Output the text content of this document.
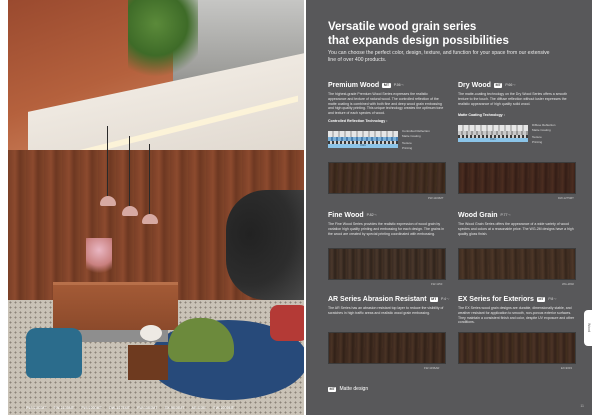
PW-1103MT PW-1103MT FW-1000MT DW-1275MT FW-1100MT EX-9000MT AR-1000 FW-1000MT
Versatile wood grain series
that expands design possibilities
You can choose the perfect color, design, texture, and function for your space from our extensive line of over 400 products.
Premium Wood	MT	P.56〜

The highest-grade Premium Wood Series expresses the realistic appearance and texture of natural wood. The controlled reflection of the matte coating is combined with both fine and deep wood grain embossing and high quality printing. This unique technology creates the optimum tone and texture of each species of wood.

Controlled Reflection Technology :
Film
Controlled Reflection
Matte Coating
Texture
Printing
PW-1103MT
Dry Wood	MT	P.66〜

The matte-coating technology on the Dry Wood Series offers a smooth texture to the touch. The diffuse reflection without luster expresses the realistic appearance of high quality solid wood.

Matte Coating Technology :
Film
Diffuse Reflection
Matte Coating
Texture
Printing
DW-1275MT
Fine Wood P.82〜

The Fine Wood Series provides the realistic expression of wood grain by variation high quality printing and embossing for each design. The grains in the wood are created by special printing coordinated with embossing.

FW-1150
Wood Grain P.77〜

The Wood Grain Series offers the appearance of a wide variety of wood species and colors at a reasonable price. The WG-2M designs have a high quality gloss finish.

WG-2802
AR Series Abrasion Resistant	MT	P.4〜

The AR Series has an abrasion resistant top layer to reduce the visibility of scratches in high traffic areas and realistic wood grain embossing.

FW-1036AR
EX Series for Exteriors	MT	P.8〜

The EX Series wood grain designs are durable, dimensionally stable, and weather resistant for application to smooth, non-porous exterior surfaces. They maintain a consistent finish and color, despite UV exposure and other conditions.

EX-9003
MT Matte design
11
Wood
